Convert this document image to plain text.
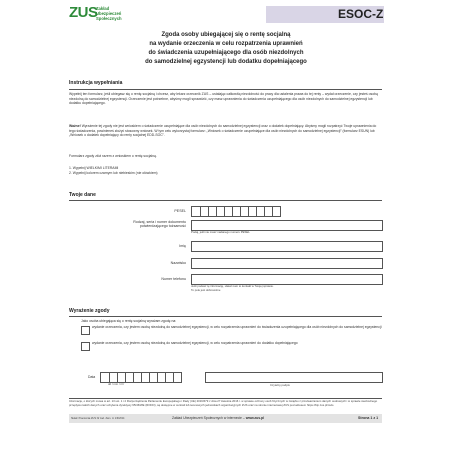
ZUS
Zakład
Ubezpieczeń
Społecznych	ESOC-Z
Zgoda osoby ubiegającej się o rentę socjalną
na wydanie orzeczenia w celu rozpatrzenia uprawnień
do świadczenia uzupełniającego dla osób niezdolnych
do samodzielnej egzystencji lub dodatku dopełniającego
Instrukcja wypełniania
Wypełnij ten formularz, jeśli ubiegasz się o rentę socjalną i chcesz, aby lekarz orzecznik ZUS – ustalając całkowitą niezdolność do pracy dla ustalenia prawa do tej renty – wydał orzeczenie, czy jesteś osobą niezdolną do samodzielnej egzystencji. Orzeczenie jest potrzebne, abyśmy mogli sprawdzić, czy masz uprawnienia do świadczenia uzupełniającego dla osób niezdolnych do samodzielnej egzystencji lub dodatku dopełniającego.
Ważne! Wyrażenie tej zgody nie jest wnioskiem o świadczenie uzupełniające dla osób niezdolnych do samodzielnej egzystencji oraz o dodatek dopełniający. Abyśmy mogli rozpatrzyć Twoje uprawnienia do tego świadczenia, powinieneś złożyć stosowny wniosek. W tym celu wykorzystaj formularz: „Wniosek o świadczenie uzupełniające dla osób niezdolnych do samodzielnej egzystencji” (formularz ESUN) lub „Wniosek o dodatek dopełniający do renty socjalnej EDD-SOC”.
Formularz zgody złóż razem z wnioskiem o rentę socjalną.
1. Wypełnij WIELKIMI LITERAMI
2. Wypełnij kolorem czarnym lub niebieskim (nie ołówkiem)
Twoje dane
PESEL
Rodzaj, seria i numer dokumentu
potwierdzającego tożsamość
Podaj, jeśli nie masz nadanego numeru PESEL
Imię
Nazwisko
Numer telefonu
Jeśli podasz tę informację, ułatwi nam to kontakt w Twojej sprawie.
To pole jest dobrowolne
Wyrażenie zgody
Jako osoba ubiegająca się o rentę socjalną wyrażam zgodę na:
wydanie orzeczenia, czy jestem osobą niezdolną do samodzielnej egzystencji, w celu rozpatrzenia uprawnień do świadczenia uzupełniającego dla osób niezdolnych do samodzielnej egzystencji
wydanie orzeczenia, czy jestem osobą niezdolną do samodzielnej egzystencji, w celu rozpatrzenia uprawnień do dodatku dopełniającego
Data
dd / mm / rrrr	Czytelny podpis
Informacje, o których mowa w art. 13 ust. 1 i 2 Rozporządzenia Parlamentu Europejskiego i Rady (UE) 2016/679 z dnia 27 kwietnia 2016 r. w sprawie ochrony osób fizycznych w związku z przetwarzaniem danych osobowych i w sprawie swobodnego przepływu takich danych oraz uchylenia dyrektywy 95/46/WE (RODO), są dostępne w centrali lub terenowych jednostkach organizacyjnych ZUS oraz na stronie internetowej ZUS pod adresem https://bip.zus.pl/rodo
Skład: Pracownia ZUS Nr zad. Zam. nr 1/INZ/24	Zakład Ubezpieczeń Społecznych w internecie – www.zus.pl	Strona 1 z 1
